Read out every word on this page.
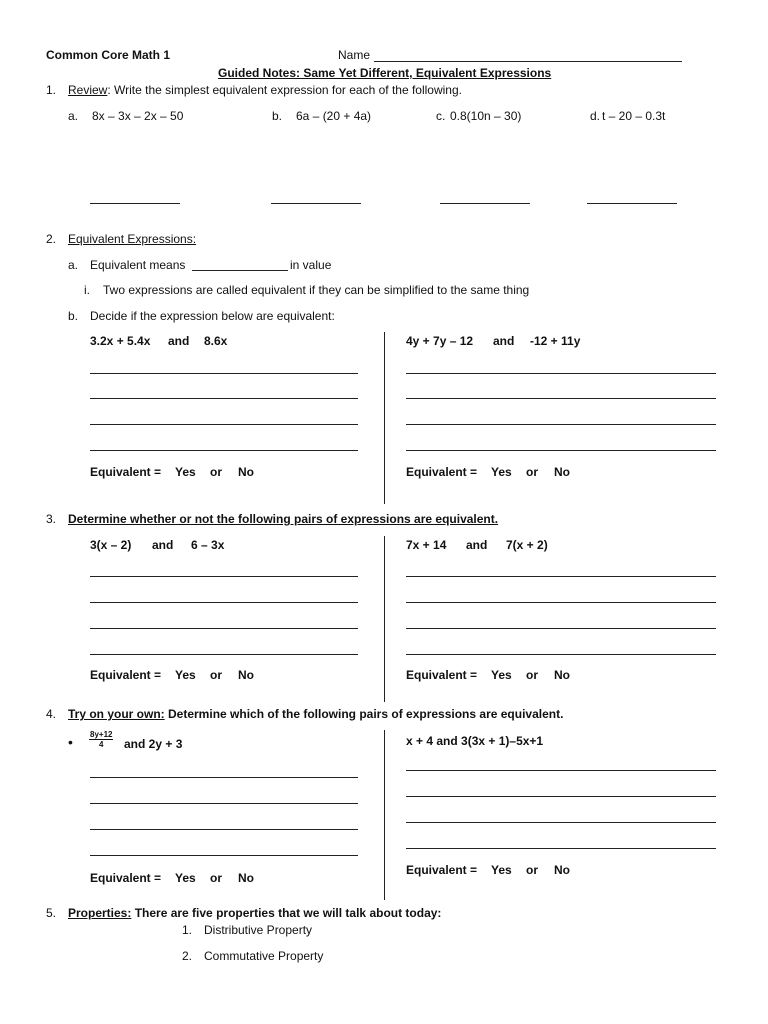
Common Core Math 1	Name
Guided Notes: Same Yet Different, Equivalent Expressions
1. Review: Write the simplest equivalent expression for each of the following.
a. 8x – 3x – 2x – 50	b. 6a – (20 + 4a)	c. 0.8(10n – 30)	d. t – 20 – 0.3t
2. Equivalent Expressions:
a. Equivalent means	in value
i. Two expressions are called equivalent if they can be simplified to the same thing
b. Decide if the expression below are equivalent:
3.2x + 5.4x and 8.6x	4y + 7y – 12 and -12 + 11y
Equivalent = Yes or No	Equivalent = Yes or No
3. Determine whether or not the following pairs of expressions are equivalent.
3(x – 2) and 6 – 3x	7x + 14 and 7(x + 2)
Equivalent = Yes or No	Equivalent = Yes or No
4. Try on your own: Determine which of the following pairs of expressions are equivalent.
• $\frac{8y+12}{4}$ and 2y + 3	x + 4 and 3(3x + 1)–5x+1
Equivalent = Yes or No
Equivalent = Yes or No
5. Properties: There are five properties that we will talk about today:
1. Distributive Property
2. Commutative Property
